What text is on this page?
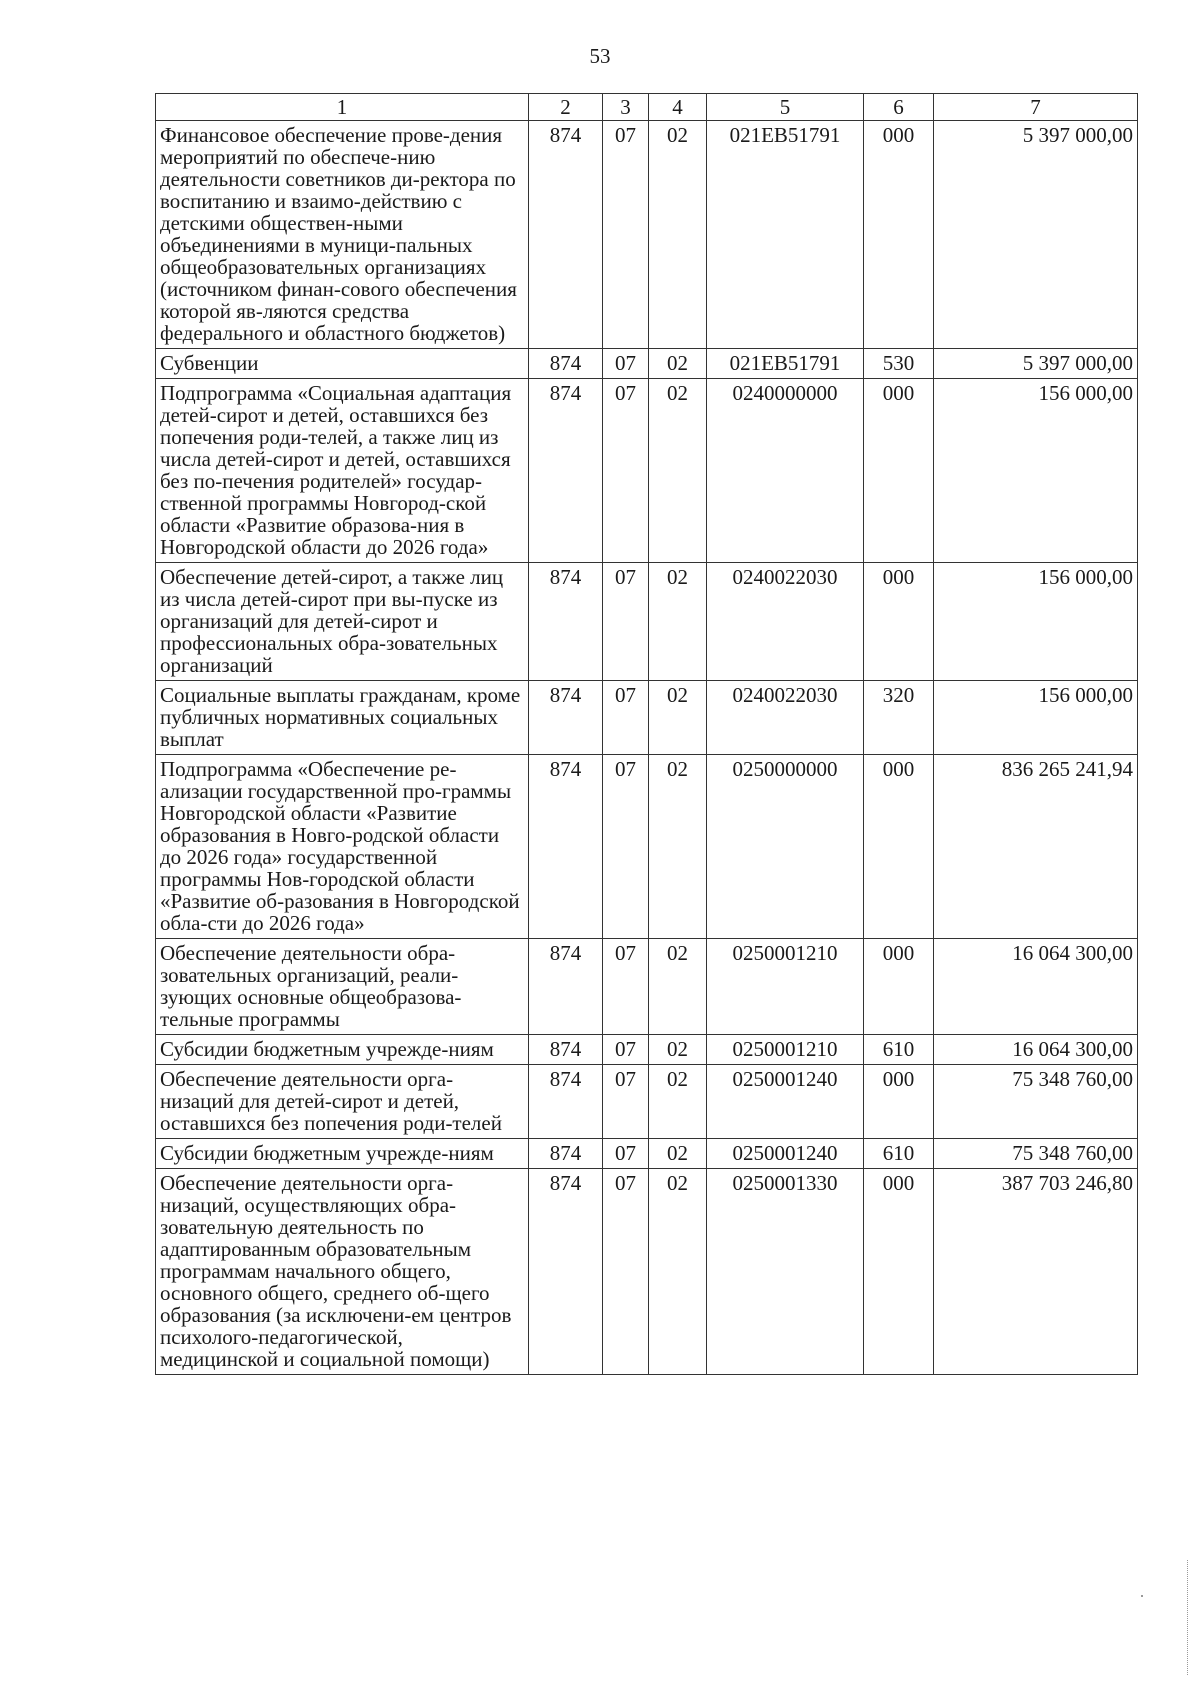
53
1	2	3	4	5	6	7
Финансовое обеспечение прове-дения мероприятий по обеспече-нию деятельности советников ди-ректора по воспитанию и взаимо-действию с детскими обществен-ными объединениями в муници-пальных общеобразовательных организациях (источником финан-сового обеспечения которой яв-ляются средства федерального и областного бюджетов)	874	07	02	021EB51791	000	5 397 000,00
Субвенции	874	07	02	021EB51791	530	5 397 000,00
Подпрограмма «Социальная адаптация детей-сирот и детей, оставшихся без попечения роди-телей, а также лиц из числа детей-сирот и детей, оставшихся без по-печения родителей» государ-ственной программы Новгород-ской области «Развитие образова-ния в Новгородской области до 2026 года»	874	07	02	0240000000	000	156 000,00
Обеспечение детей-сирот, а также лиц из числа детей-сирот при вы-пуске из организаций для детей-сирот и профессиональных обра-зовательных организаций	874	07	02	0240022030	000	156 000,00
Социальные выплаты гражданам, кроме публичных нормативных социальных выплат	874	07	02	0240022030	320	156 000,00
Подпрограмма «Обеспечение ре-ализации государственной про-граммы Новгородской области «Развитие образования в Новго-родской области до 2026 года» государственной программы Нов-городской области «Развитие об-разования в Новгородской обла-сти до 2026 года»	874	07	02	0250000000	000	836 265 241,94
Обеспечение деятельности обра-зовательных организаций, реали-зующих основные общеобразова-тельные программы	874	07	02	0250001210	000	16 064 300,00
Субсидии бюджетным учрежде-ниям	874	07	02	0250001210	610	16 064 300,00
Обеспечение деятельности орга-низаций для детей-сирот и детей, оставшихся без попечения роди-телей	874	07	02	0250001240	000	75 348 760,00
Субсидии бюджетным учрежде-ниям	874	07	02	0250001240	610	75 348 760,00
Обеспечение деятельности орга-низаций, осуществляющих обра-зовательную деятельность по адаптированным образовательным программам начального общего, основного общего, среднего об-щего образования (за исключени-ем центров психолого-педагогической, медицинской и социальной помощи)	874	07	02	0250001330	000	387 703 246,80
